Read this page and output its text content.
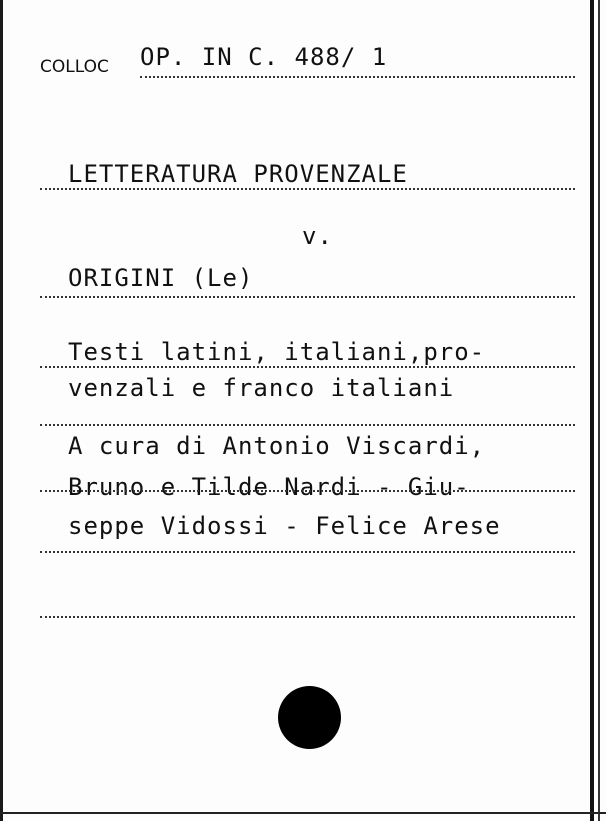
COLLOC OP. IN C. 488/ 1
LETTERATURA PROVENZALE
v.
ORIGINI (Le)
Testi latini, italiani,pro-
venzali e franco italiani
A cura di Antonio Viscardi,
Bruno e Tilde Nardi - Giu-
seppe Vidossi - Felice Arese
